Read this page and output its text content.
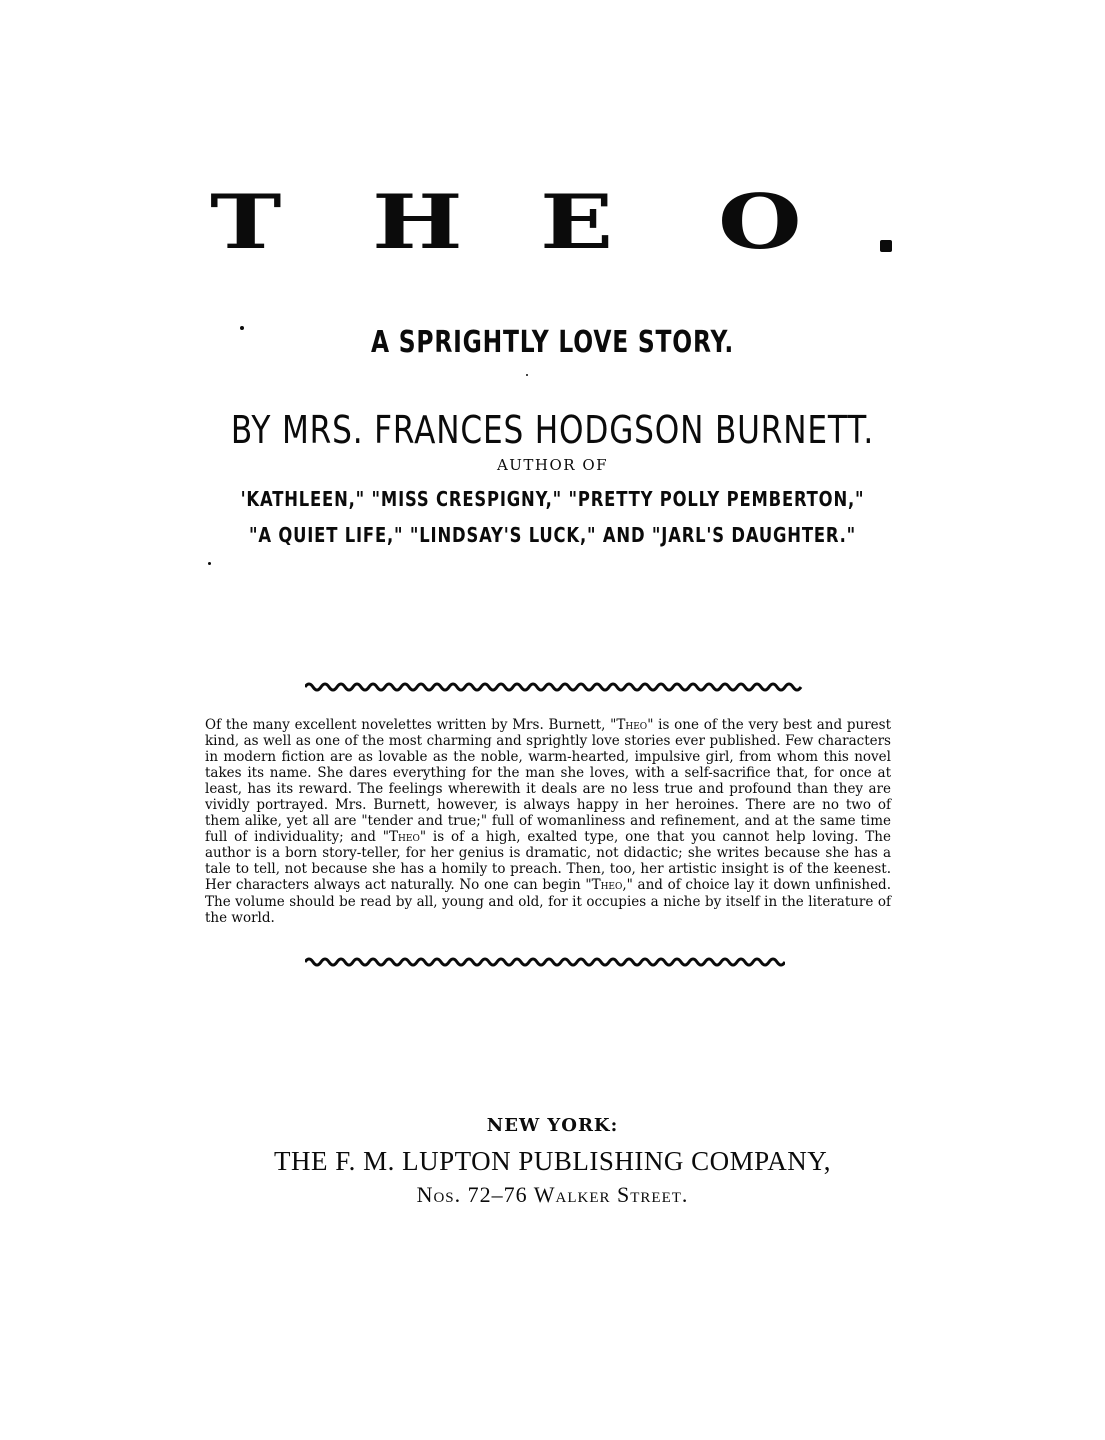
T H E O
A SPRIGHTLY LOVE STORY.
BY MRS. FRANCES HODGSON BURNETT.
AUTHOR OF
'KATHLEEN," "MISS CRESPIGNY," "PRETTY POLLY PEMBERTON,"
"A QUIET LIFE," "LINDSAY'S LUCK," AND "JARL'S DAUGHTER."

Of the many excellent novelettes written by Mrs. Burnett, "Theo" is one of the very best and purest kind, as well as one of the most charming and sprightly love stories ever published. Few characters in modern fiction are as lovable as the noble, warm-hearted, impulsive girl, from whom this novel takes its name. She dares everything for the man she loves, with a self-sacrifice that, for once at least, has its reward. The feelings wherewith it deals are no less true and profound than they are vividly portrayed. Mrs. Burnett, however, is always happy in her heroines. There are no two of them alike, yet all are "tender and true;" full of womanliness and refinement, and at the same time full of individuality; and "Theo" is of a high, exalted type, one that you cannot help loving. The author is a born story-teller, for her genius is dramatic, not didactic; she writes because she has a tale to tell, not because she has a homily to preach. Then, too, her artistic insight is of the keenest. Her characters always act naturally. No one can begin "Theo," and of choice lay it down unfinished. The volume should be read by all, young and old, for it occupies a niche by itself in the literature of the world.

NEW YORK:
THE F. M. LUPTON PUBLISHING COMPANY,
Nos. 72–76 Walker Street.
